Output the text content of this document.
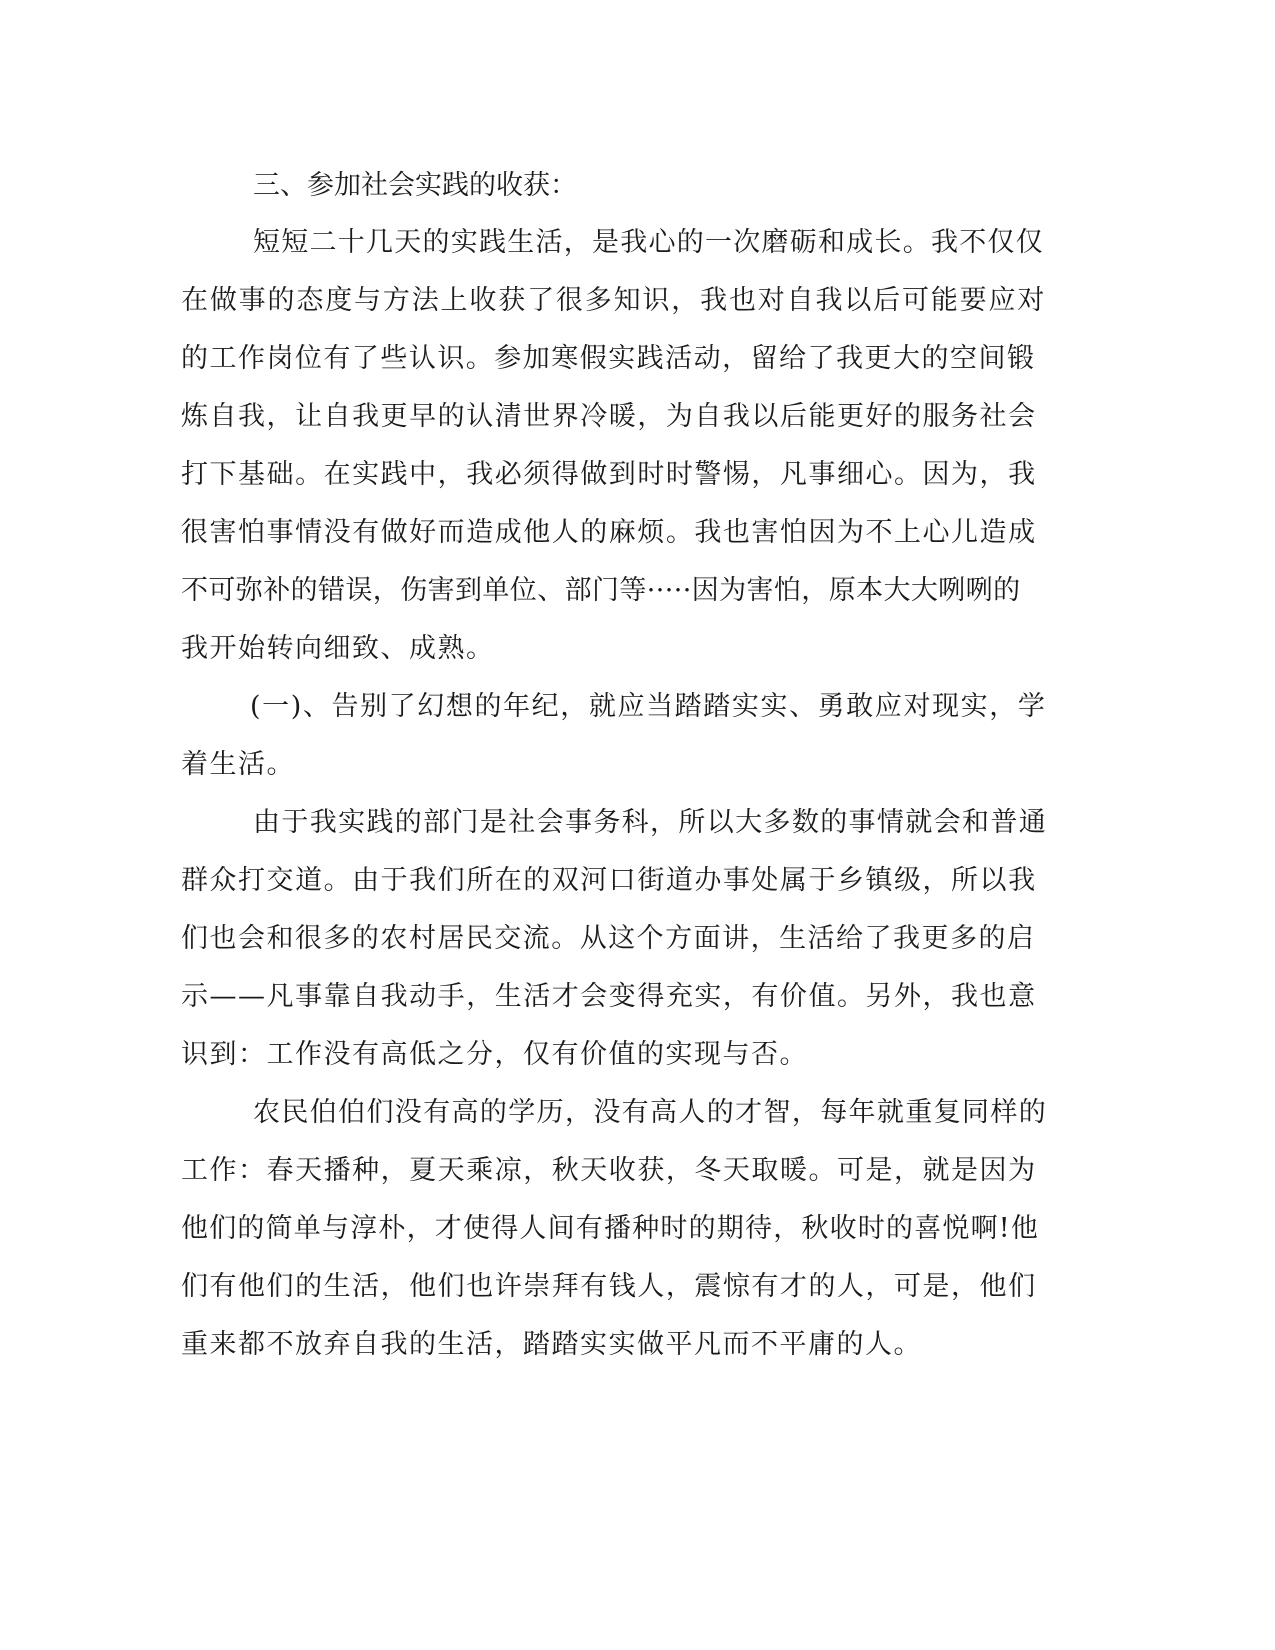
三、参加社会实践的收获：

短短二十几天的实践生活，是我心的一次磨砺和成长。我不仅仅

在做事的态度与方法上收获了很多知识，我也对自我以后可能要应对

的工作岗位有了些认识。参加寒假实践活动，留给了我更大的空间锻

炼自我，让自我更早的认清世界冷暖，为自我以后能更好的服务社会

打下基础。在实践中，我必须得做到时时警惕，凡事细心。因为，我

很害怕事情没有做好而造成他人的麻烦。我也害怕因为不上心儿造成

不可弥补的错误，伤害到单位、部门等·····因为害怕，原本大大咧咧的

我开始转向细致、成熟。

(一)、告别了幻想的年纪，就应当踏踏实实、勇敢应对现实，学

着生活。

由于我实践的部门是社会事务科，所以大多数的事情就会和普通

群众打交道。由于我们所在的双河口街道办事处属于乡镇级，所以我

们也会和很多的农村居民交流。从这个方面讲，生活给了我更多的启

示——凡事靠自我动手，生活才会变得充实，有价值。另外，我也意

识到：工作没有高低之分，仅有价值的实现与否。

农民伯伯们没有高的学历，没有高人的才智，每年就重复同样的

工作：春天播种，夏天乘凉，秋天收获，冬天取暖。可是，就是因为

他们的简单与淳朴，才使得人间有播种时的期待，秋收时的喜悦啊!他

们有他们的生活，他们也许崇拜有钱人，震惊有才的人，可是，他们

重来都不放弃自我的生活，踏踏实实做平凡而不平庸的人。
